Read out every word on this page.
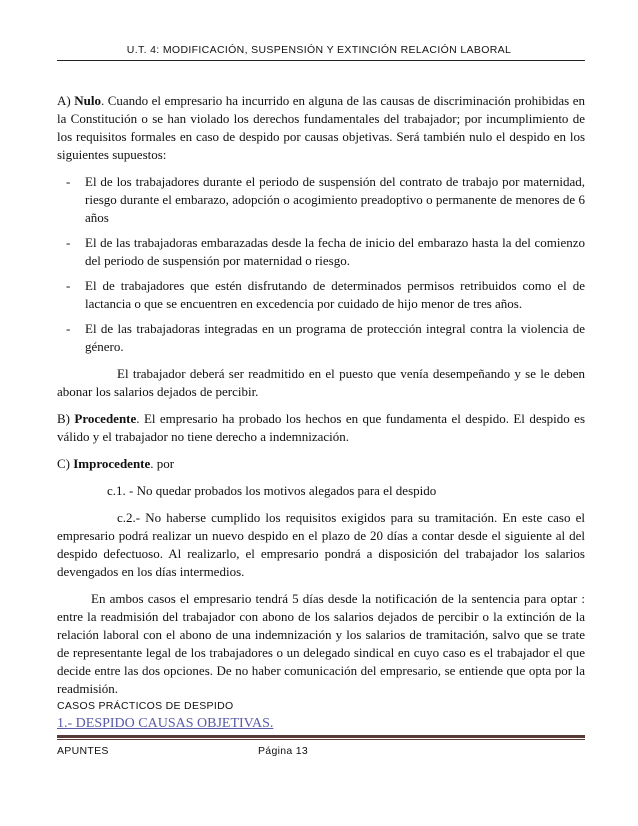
U.T. 4: MODIFICACIÓN, SUSPENSIÓN Y EXTINCIÓN RELACIÓN LABORAL

A) Nulo. Cuando el empresario ha incurrido en alguna de las causas de discriminación prohibidas en la Constitución o se han violado los derechos fundamentales del trabajador; por incumplimiento de los requisitos formales en caso de despido por causas objetivas. Será también nulo el despido en los siguientes supuestos:

- El de los trabajadores durante el periodo de suspensión del contrato de trabajo por maternidad, riesgo durante el embarazo, adopción o acogimiento preadoptivo o permanente de menores de 6 años
- El de las trabajadoras embarazadas desde la fecha de inicio del embarazo hasta la del comienzo del periodo de suspensión por maternidad o riesgo.
- El de trabajadores que estén disfrutando de determinados permisos retribuidos como el de lactancia o que se encuentren en excedencia por cuidado de hijo menor de tres años.
- El de las trabajadoras integradas en un programa de protección integral contra la violencia de género.

El trabajador deberá ser readmitido en el puesto que venía desempeñando y se le deben abonar los salarios dejados de percibir.

B) Procedente. El empresario ha probado los hechos en que fundamenta el despido. El despido es válido y el trabajador no tiene derecho a indemnización.

C) Improcedente. por

c.1. - No quedar probados los motivos alegados para el despido

c.2.- No haberse cumplido los requisitos exigidos para su tramitación. En este caso el empresario podrá realizar un nuevo despido en el plazo de 20 días a contar desde el siguiente al del despido defectuoso. Al realizarlo, el empresario pondrá a disposición del trabajador los salarios devengados en los días intermedios.

En ambos casos el empresario tendrá 5 días desde la notificación de la sentencia para optar : entre la readmisión del trabajador con abono de los salarios dejados de percibir o la extinción de la relación laboral con el abono de una indemnización y los salarios de tramitación, salvo que se trate de representante legal de los trabajadores o un delegado sindical en cuyo caso es el trabajador el que decide entre las dos opciones. De no haber comunicación del empresario, se entiende que opta por la readmisión.

CASOS PRÁCTICOS DE DESPIDO
1.- DESPIDO CAUSAS OBJETIVAS.
APUNTES	Página 13
